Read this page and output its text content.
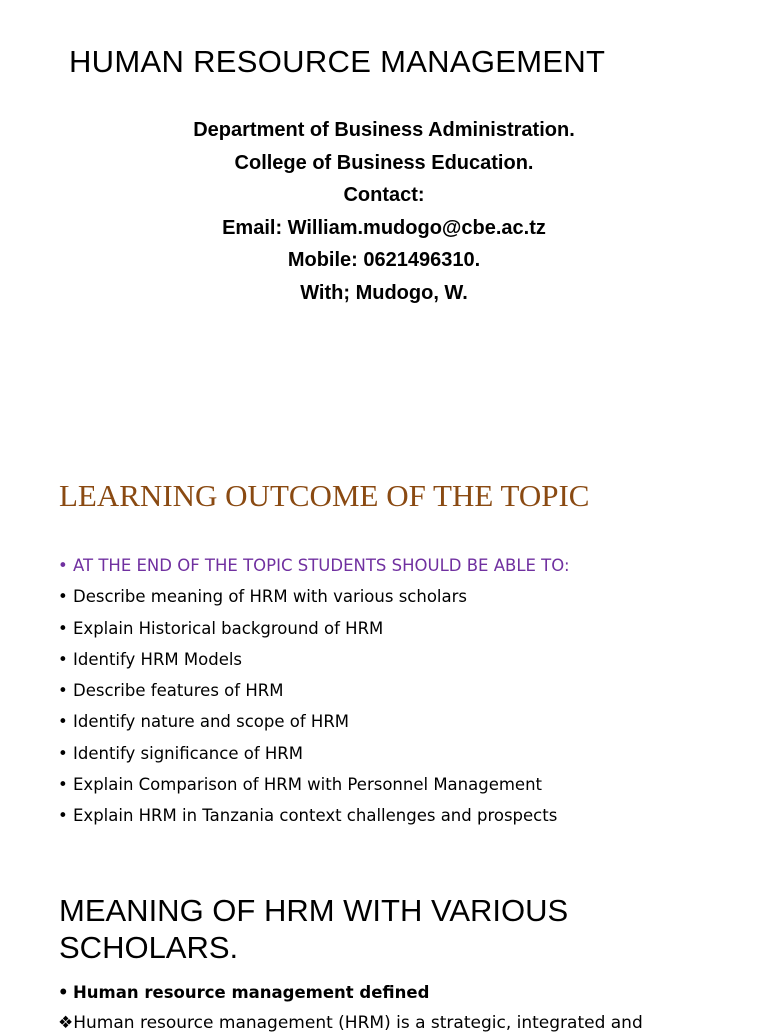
HUMAN RESOURCE MANAGEMENT
Department of Business Administration.
College of Business Education.
Contact:
Email: William.mudogo@cbe.ac.tz
Mobile: 0621496310.
With; Mudogo, W.
LEARNING OUTCOME OF THE TOPIC
• AT THE END OF THE TOPIC STUDENTS SHOULD BE ABLE TO:
• Describe meaning of HRM with various scholars
• Explain Historical background of HRM
• Identify HRM Models
• Describe features of HRM
• Identify nature and scope of HRM
• Identify significance of HRM
• Explain Comparison of HRM with Personnel Management
• Explain HRM in Tanzania context challenges and prospects
MEANING OF HRM WITH VARIOUS
SCHOLARS.
• Human resource management defined
❖Human resource management (HRM) is a strategic, integrated and
